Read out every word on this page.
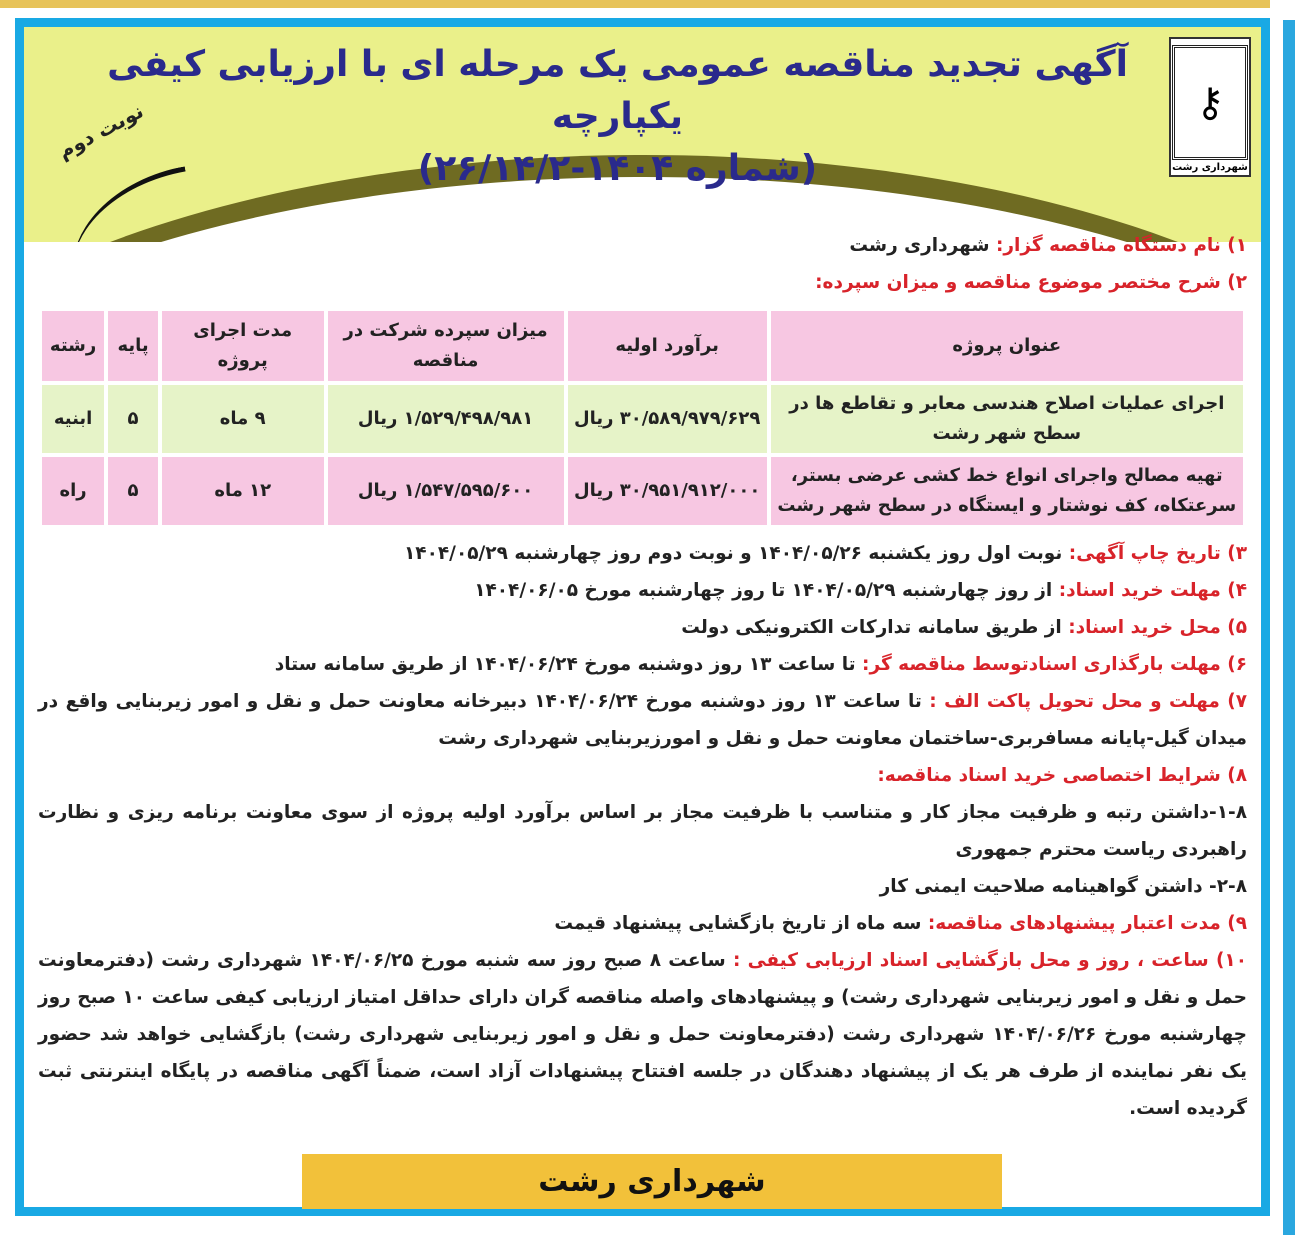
⚷
شهرداری رشت
آگهی تجدید مناقصه عمومی یک مرحله ای با ارزیابی کیفی یکپارچه
(شماره ۱۴۰۴-۲۶/۱۴/۲)
نوبت دوم
۱) نام دستگاه مناقصه گزار: شهرداری رشت
۲) شرح مختصر موضوع مناقصه و میزان سپرده:
عنوان پروژه	برآورد اولیه	میزان سپرده شرکت در مناقصه	مدت اجرای پروژه	پایه	رشته
اجرای عملیات اصلاح هندسی معابر و تقاطع ها در سطح شهر رشت	۳۰/۵۸۹/۹۷۹/۶۲۹ ریال	۱/۵۲۹/۴۹۸/۹۸۱ ریال	۹ ماه	۵	ابنیه
تهیه مصالح واجرای انواع خط کشی عرضی بستر، سرعتکاه، کف نوشتار و ایستگاه در سطح شهر رشت	۳۰/۹۵۱/۹۱۲/۰۰۰ ریال	۱/۵۴۷/۵۹۵/۶۰۰ ریال	۱۲ ماه	۵	راه
۳) تاریخ چاپ آگهی: نوبت اول روز یکشنبه ۱۴۰۴/۰۵/۲۶ و نوبت دوم روز چهارشنبه ۱۴۰۴/۰۵/۲۹
۴) مهلت خرید اسناد: از روز چهارشنبه ۱۴۰۴/۰۵/۲۹ تا روز چهارشنبه مورخ ۱۴۰۴/۰۶/۰۵
۵) محل خرید اسناد: از طریق سامانه تدارکات الکترونیکی دولت
۶) مهلت بارگذاری اسنادتوسط مناقصه گر: تا ساعت ۱۳ روز دوشنبه مورخ ۱۴۰۴/۰۶/۲۴ از طریق سامانه ستاد
۷) مهلت و محل تحویل پاکت الف : تا ساعت ۱۳ روز دوشنبه مورخ ۱۴۰۴/۰۶/۲۴ دبیرخانه معاونت حمل و نقل و امور زیربنایی واقع در میدان گیل-پایانه مسافربری-ساختمان معاونت حمل و نقل و امورزیربنایی شهرداری رشت
۸) شرایط اختصاصی خرید اسناد مناقصه:
۱-۸-داشتن رتبه و ظرفیت مجاز کار و متناسب با ظرفیت مجاز بر اساس برآورد اولیه پروژه از سوی معاونت برنامه ریزی و نظارت راهبردی ریاست محترم جمهوری
۲-۸- داشتن گواهینامه صلاحیت ایمنی کار
۹) مدت اعتبار پیشنهادهای مناقصه: سه ماه از تاریخ بازگشایی پیشنهاد قیمت
۱۰) ساعت ، روز و محل بازگشایی اسناد ارزیابی کیفی : ساعت ۸ صبح روز سه شنبه مورخ ۱۴۰۴/۰۶/۲۵ شهرداری رشت (دفترمعاونت حمل و نقل و امور زیربنایی شهرداری رشت) و پیشنهادهای واصله مناقصه گران دارای حداقل امتیاز ارزیابی کیفی ساعت ۱۰ صبح روز چهارشنبه مورخ ۱۴۰۴/۰۶/۲۶ شهرداری رشت (دفترمعاونت حمل و نقل و امور زیربنایی شهرداری رشت) بازگشایی خواهد شد حضور یک نفر نماینده از طرف هر یک از پیشنهاد دهندگان در جلسه افتتاح پیشنهادات آزاد است، ضمناً آگهی مناقصه در پایگاه اینترنتی ثبت گردیده است.
شهرداری رشت
